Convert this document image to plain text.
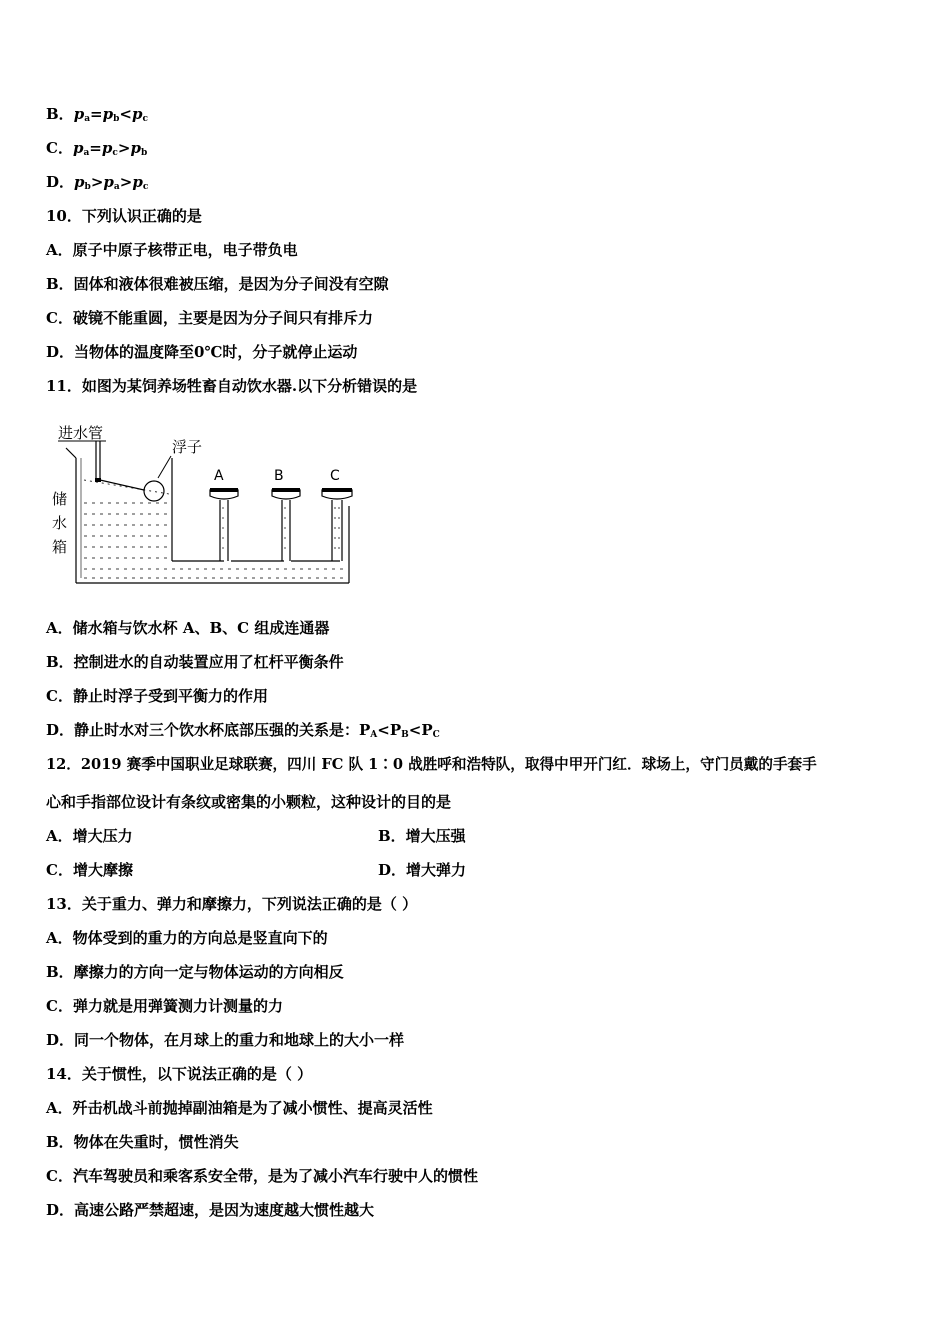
B．$p_a=p_b<p_c$
C．$p_a=p_c>p_b$
D．$p_b>p_a>p_c$
10．下列认识正确的是
A．原子中原子核带正电，电子带负电
B．固体和液体很难被压缩，是因为分子间没有空隙
C．破镜不能重圆，主要是因为分子间只有排斥力
D．当物体的温度降至0℃时，分子就停止运动
11．如图为某饲养场牲畜自动饮水器.以下分析错误的是
进水管
浮子
储
水
箱
A	B	C
A．储水箱与饮水杯 A、B、C 组成连通器
B．控制进水的自动装置应用了杠杆平衡条件
C．静止时浮子受到平衡力的作用
D．静止时水对三个饮水杯底部压强的关系是：$P_A<P_B<P_C$
12．2019 赛季中国职业足球联赛，四川 FC 队 1∶0 战胜呼和浩特队，取得中甲开门红．球场上，守门员戴的手套手
心和手指部位设计有条纹或密集的小颗粒，这种设计的目的是
A．增大压力	B．增大压强
C．增大摩擦	D．增大弹力
13．关于重力、弹力和摩擦力，下列说法正确的是（ ）
A．物体受到的重力的方向总是竖直向下的
B．摩擦力的方向一定与物体运动的方向相反
C．弹力就是用弹簧测力计测量的力
D．同一个物体，在月球上的重力和地球上的大小一样
14．关于惯性，以下说法正确的是（ ）
A．歼击机战斗前抛掉副油箱是为了减小惯性、提高灵活性
B．物体在失重时，惯性消失
C．汽车驾驶员和乘客系安全带，是为了减小汽车行驶中人的惯性
D．高速公路严禁超速，是因为速度越大惯性越大
